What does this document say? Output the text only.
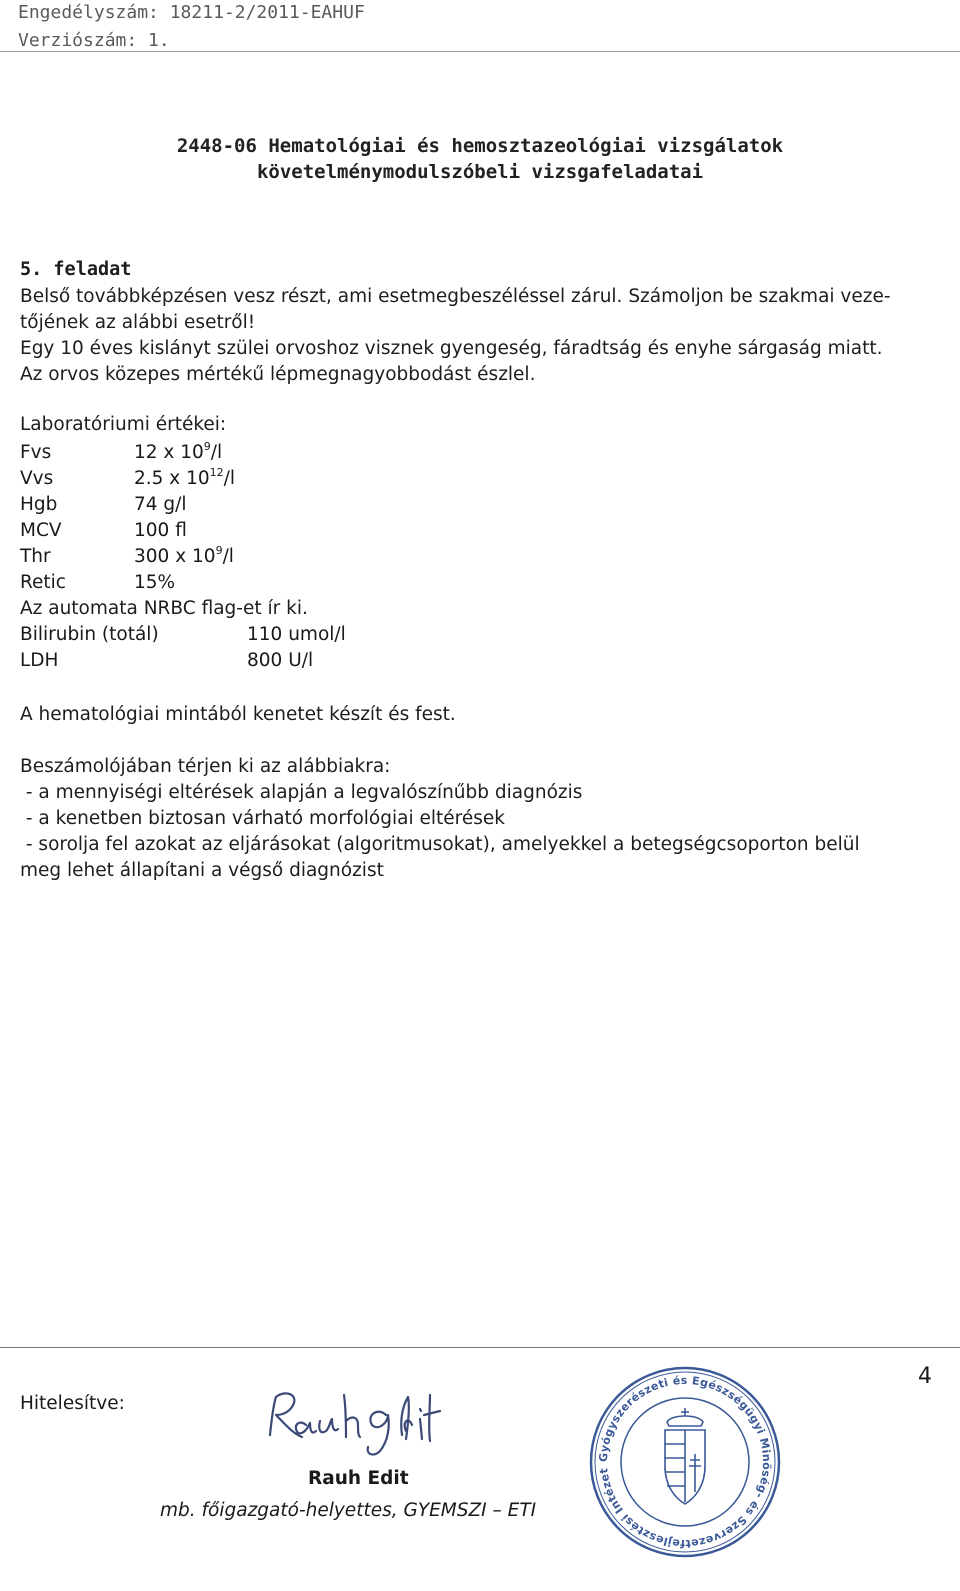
Engedélyszám: 18211-2/2011-EAHUF
Verziószám: 1.
2448-06 Hematológiai és hemosztazeológiai vizsgálatok
követelménymodulszóbeli vizsgafeladatai
5. feladat
Belső továbbképzésen vesz részt, ami esetmegbeszéléssel zárul. Számoljon be szakmai veze-
tőjének az alábbi esetről!
Egy 10 éves kislányt szülei orvoshoz visznek gyengeség, fáradtság és enyhe sárgaság miatt.
Az orvos közepes mértékű lépmegnagyobbodást észlel.
Laboratóriumi értékei:
Fvs	12 x $10^9/l$
Vvs	2.5 x $10^{12}/l$
Hgb	74 g/l
MCV	100 fl
Thr	300 x $10^9/l$
Retic	15%
Az automata NRBC flag-et ír ki.
Bilirubin (totál)	110 umol/l
LDH	800 U/l
A hematológiai mintából kenetet készít és fest.
Beszámolójában térjen ki az alábbiakra:
- a mennyiségi eltérések alapján a legvalószínűbb diagnózis
- a kenetben biztosan várható morfológiai eltérések
- sorolja fel azokat az eljárásokat (algoritmusokat), amelyekkel a betegségcsoporton belül
meg lehet állapítani a végső diagnózist
4
Hitelesítve:
Rauh Edit
mb. főigazgató-helyettes, GYEMSZI – ETI
Gyógyszerészeti és Egészségügyi Minőség- és Szervezetfejlesztési Intézet
